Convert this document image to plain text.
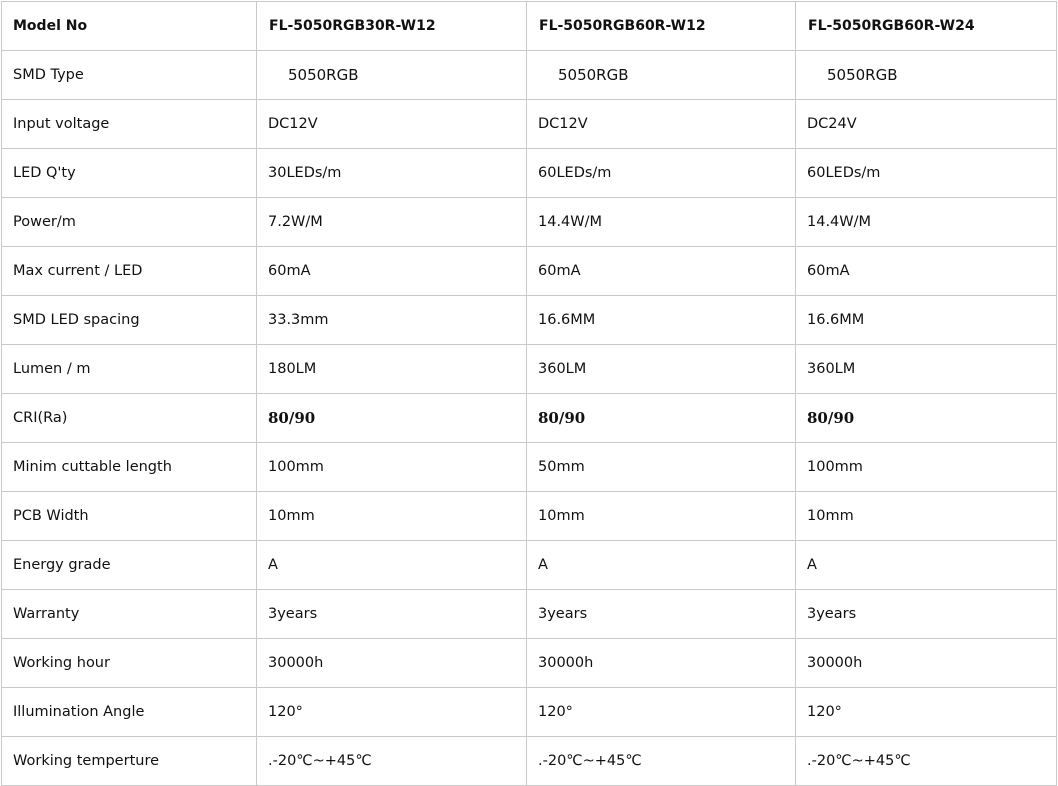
Model No	FL-5050RGB30R-W12	FL-5050RGB60R-W12	FL-5050RGB60R-W24
SMD Type	5050RGB	5050RGB	5050RGB
Input voltage	DC12V	DC12V	DC24V
LED Q'ty	30LEDs/m	60LEDs/m	60LEDs/m
Power/m	7.2W/M	14.4W/M	14.4W/M
Max current / LED	60mA	60mA	60mA
SMD LED spacing	33.3mm	16.6MM	16.6MM
Lumen / m	180LM	360LM	360LM
CRI(Ra)	80/90	80/90	80/90
Minim cuttable length	100mm	50mm	100mm
PCB Width	10mm	10mm	10mm
Energy grade	A	A	A
Warranty	3years	3years	3years
Working hour	30000h	30000h	30000h
Illumination Angle	120°	120°	120°
Working temperture	.-20℃~+45℃	.-20℃~+45℃	.-20℃~+45℃
